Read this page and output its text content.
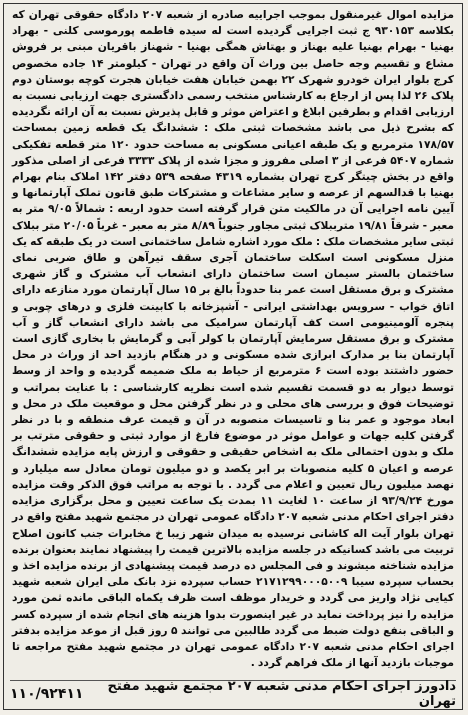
مزایده اموال غیرمنقول بموجب اجراییه صادره از شعبه ۲۰۷ دادگاه حقوقی تهران که بکلاسه ۹۳۰۱۵۳ ج ثبت اجرایی گردیده است له سیده فاطمه پورموسی کلنی - بهراد بهنیا - بهرام بهنیا علیه بهناز و بهتاش همگی بهنیا - شهناز باقریان مبنی بر فروش مشاع و تقسیم وجه حاصل بین وراث آن واقع در تهران - کیلومتر ۱۴ جاده مخصوص کرج بلوار ایران خودرو شهرک ۲۲ بهمن خیابان هفت خیابان هجرت کوچه بوستان دوم پلاک ۲۶ لذا پس از ارجاع به کارشناس منتخب رسمی دادگستری جهت ارزیابی نسبت به ارزیابی اقدام و بطرفین ابلاغ و اعتراض موثر و قابل پذیرش نسبت به آن ارائه نگردیده که بشرح ذیل می باشد مشخصات ثبتی ملک : ششدانگ یک قطعه زمین بمساحت ۱۷۸/۵۷ مترمربع و یک طبقه اعیانی مسکونی به مساحت حدود ۱۲۰ متر قطعه تفکیکی شماره ۵۴۰۷ فرعی از ۳ اصلی مفروز و مجزا شده از پلاک ۳۳۳۳ فرعی از اصلی مذکور واقع در بخش چیتگر کرج تهران بشماره ۴۳۱۹ صفحه ۵۳۹ دفتر ۱۴۲ املاک بنام بهرام بهنیا با قدالسهم از عرصه و سایر مشاعات و مشترکات طبق قانون تملک آپارتمانها و آیین نامه اجرایی آن در مالکیت متن قرار گرفته است حدود اربعه : شمالاً ۹/۰۵ متر به معبر - شرقاً ۱۹/۸۱ مترببلاک ثبتی مجاور جنوباً ۸/۸۹ متر به معبر - غرباً ۲۰/۰۵ متر ببلاک ثبتی سایر مشخصات ملک : ملک مورد اشاره شامل ساختمانی است در یک طبقه که یک منزل مسکونی است اسکلت ساختمان آجری سقف تیرآهن و طاق ضربی نمای ساختمان بالستر سیمان است ساختمان دارای انشعاب آب مشترک و گاز شهری مشترک و برق مستقل است عمر بنا حدوداً بالغ بر ۱۵ سال آپارتمان مورد منازعه دارای اتاق خواب - سرویس بهداشتی ایرانی - آشپزخانه با کابینت فلزی و درهای چوبی و پنجره آلومینیومی است کف آپارتمان سرامیک می باشد دارای انشعاب گاز و آب مشترک و برق مستقل سرمایش آپارتمان با کولر آبی و گرمایش با بخاری گازی است آپارتمان بنا بر مدارک ابرازی شده مسکونی و در هنگام بازدید احد از وراث در محل حضور داشتند بوده است ۶ مترمربع از حیاط به ملک ضمیمه گردیده و واحد از وسط توسط دیوار به دو قسمت تقسیم شده است نظریه کارشناسی : با عنایت بمراتب و توضیحات فوق و بررسی های محلی و در نظر گرفتن محل و موقعیت ملک در محل و ابعاد موجود و عمر بنا و تاسیسات منصوبه در آن و قیمت عرف منطقه و با در نظر گرفتن کلیه جهات و عوامل موثر در موضوع فارغ از موارد ثبتی و حقوقی مترتب بر ملک و بدون احتمالی ملک به اشخاص حقیقی و حقوقی و ارزش پایه مزایده ششدانگ عرصه و اعیان ۵ کلیه منصوبات بر ابر یکصد و دو میلیون تومان معادل سه میلیارد و نهصد میلیون ریال تعیین و اعلام می گردد . با توجه به مراتب فوق الذکر وقت مزایده مورخ ۹۳/۹/۲۴ از ساعت ۱۰ لغایت ۱۱ بمدت یک ساعت تعیین و محل برگزاری مزایده دفتر اجرای احکام مدنی شعبه ۲۰۷ دادگاه عمومی تهران در مجتمع شهید مفتح واقع در تهران بلوار آیت اله کاشانی نرسیده به میدان شهر زیبا خ مخابرات جنب کانون اصلاح تربیت می باشد کسانیکه در جلسه مزایده بالاترین قیمت را پیشنهاد نمایند بعنوان برنده مزایده شناخته میشوند و فی المجلس ده درصد قیمت پیشنهادی از برنده مزایده اخذ و بحساب سپرده سیبا ۲۱۷۱۲۹۹۰۰۰۵۰۰۹ حساب سپرده نزد بانک ملی ایران شعبه شهید کیایی نژاد واریز می گردد و خریدار موظف است ظرف یکماه الباقی مانده ثمن مورد مزایده را نیز پرداخت نماید در غیر اینصورت بدوا هزینه های انجام شده از سپرده کسر و الباقی بنفع دولت ضبط می گردد طالبین می توانند ۵ روز قبل از موعد مزایده بدفتر اجرای احکام مدنی شعبه ۲۰۷ دادگاه عمومی تهران در مجتمع شهید مفتح مراجعه تا موجبات بازدید آنها از ملک فراهم گردد .

دادورز اجرای احکام مدنی شعبه ۲۰۷ مجتمع شهید مفتح تهران
۱۱۰/۹۲۴۱۱
